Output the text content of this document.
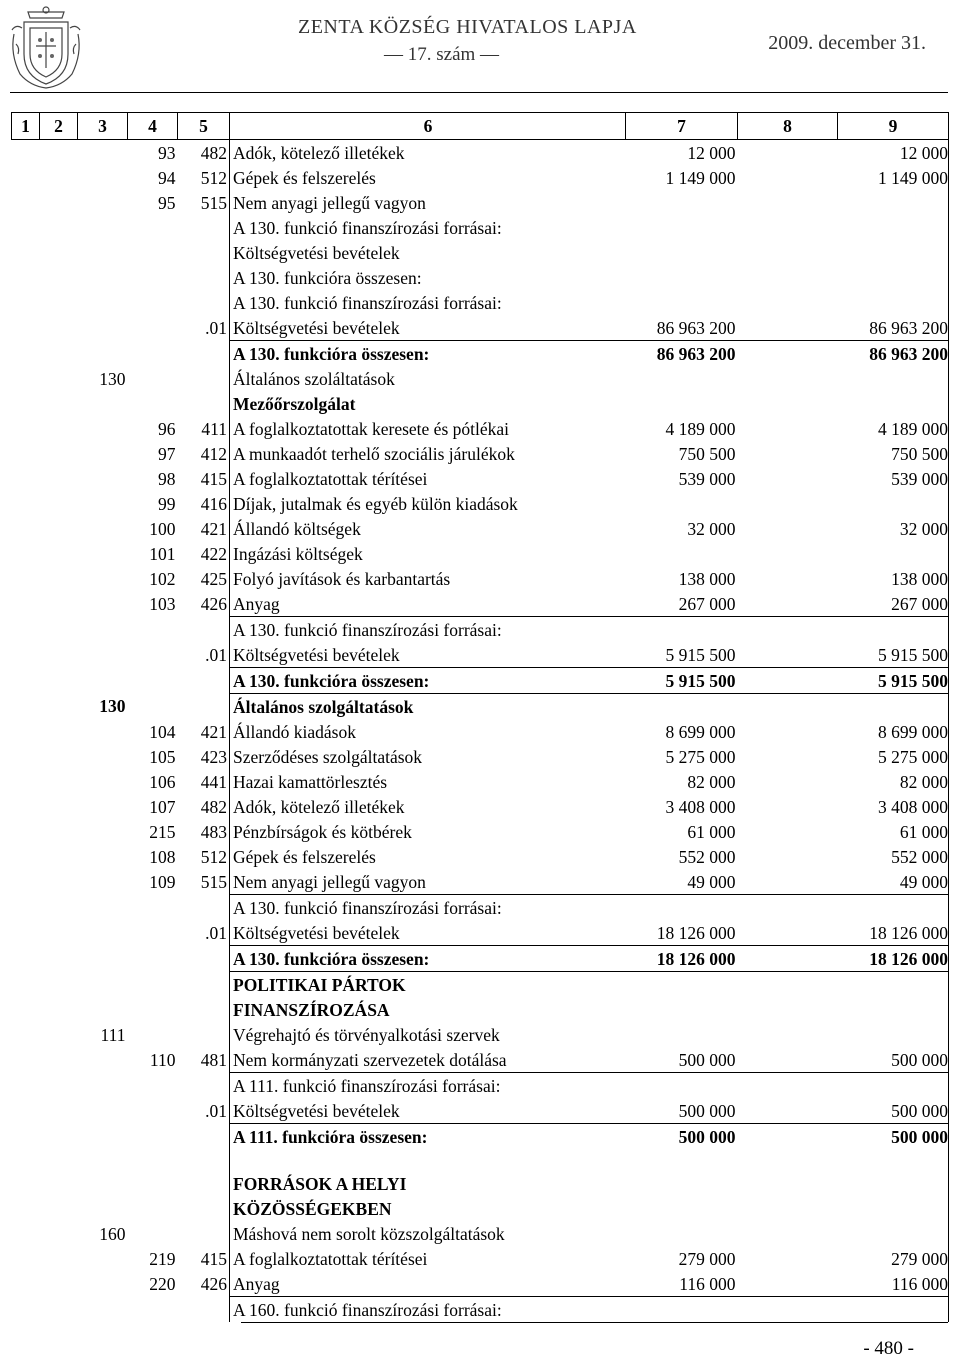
ZENTA KÖZSÉG HIVATALOS LAPJA
— 17. szám —
2009. december 31.
1	2	3	4	5	6	7	8	9
			93	482	Adók, kötelező illetékek	12 000		12 000
			94	512	Gépek és felszerelés	1 149 000		1 149 000
			95	515	Nem anyagi jellegű vagyon			
					A 130. funkció finanszírozási forrásai:			
					Költségvetési bevételek			
					A 130. funkcióra összesen:			
					A 130. funkció finanszírozási forrásai:			
				.01	Költségvetési bevételek	86 963 200		86 963 200
					A 130. funkcióra összesen:	86 963 200		86 963 200
		130			Általános szoláltatások			
					Mezőőrszolgálat			
			96	411	A foglalkoztatottak keresete és pótlékai	4 189 000		4 189 000
			97	412	A munkaadót terhelő szociális járulékok	750 500		750 500
			98	415	A foglalkoztatottak térítései	539 000		539 000
			99	416	Díjak, jutalmak és egyéb külön kiadások			
			100	421	Állandó költségek	32 000		32 000
			101	422	Ingázási költségek			
			102	425	Folyó javítások és karbantartás	138 000		138 000
			103	426	Anyag	267 000		267 000
					A 130. funkció finanszírozási forrásai:			
				.01	Költségvetési bevételek	5 915 500		5 915 500
					A 130. funkcióra összesen:	5 915 500		5 915 500
		130			Általános szolgáltatások			
			104	421	Állandó kiadások	8 699 000		8 699 000
			105	423	Szerződéses szolgáltatások	5 275 000		5 275 000
			106	441	Hazai kamattörlesztés	82 000		82 000
			107	482	Adók, kötelező illetékek	3 408 000		3 408 000
			215	483	Pénzbírságok és kötbérek	61 000		61 000
			108	512	Gépek és felszerelés	552 000		552 000
			109	515	Nem anyagi jellegű vagyon	49 000		49 000
					A 130. funkció finanszírozási forrásai:			
				.01	Költségvetési bevételek	18 126 000		18 126 000
					A 130. funkcióra összesen:	18 126 000		18 126 000
					POLITIKAI PÁRTOK			
					FINANSZÍROZÁSA			
		111			Végrehajtó és törvényalkotási szervek			
			110	481	Nem kormányzati szervezetek dotálása	500 000		500 000
					A 111. funkció finanszírozási forrásai:			
				.01	Költségvetési bevételek	500 000		500 000
					A 111. funkcióra összesen:	500 000		500 000

					FORRÁSOK A HELYI			
					KÖZÖSSÉGEKBEN			
		160			Máshová nem sorolt közszolgáltatások			
			219	415	A foglalkoztatottak térítései	279 000		279 000
			220	426	Anyag	116 000		116 000
					A 160. funkció finanszírozási forrásai:			
- 480 -
